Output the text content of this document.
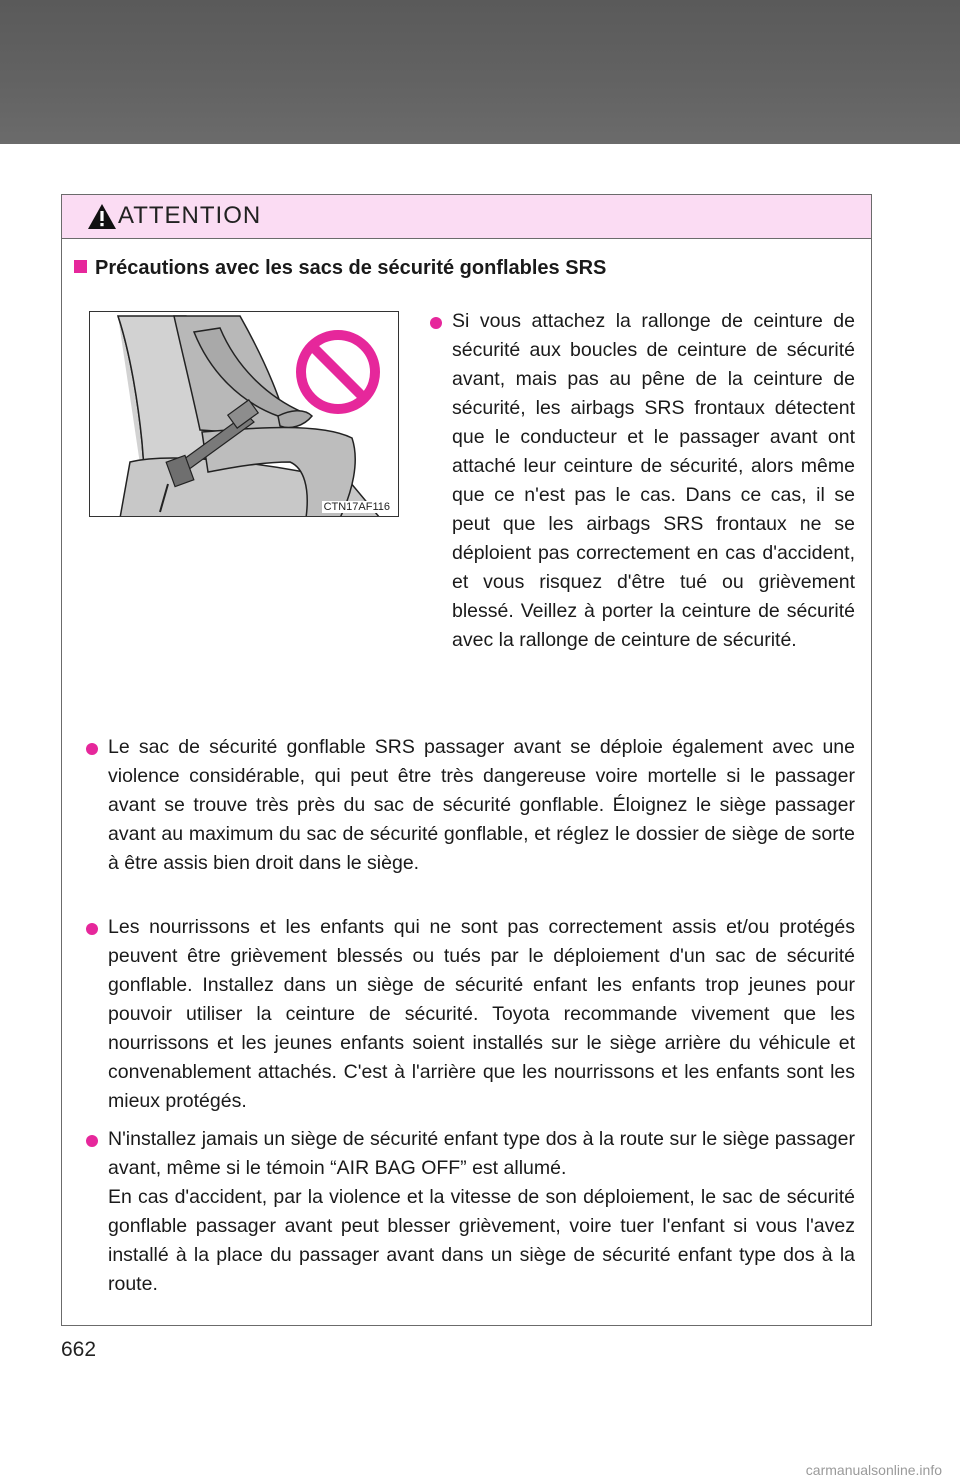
ATTENTION
Précautions avec les sacs de sécurité gonflables SRS
CTN17AF116
Si vous attachez la rallonge de ceinture de sécurité aux boucles de ceinture de sécurité avant, mais pas au pêne de la ceinture de sécurité, les airbags SRS frontaux détectent que le conducteur et le passager avant ont attaché leur ceinture de sécurité, alors même que ce n'est pas le cas. Dans ce cas, il se peut que les airbags SRS frontaux ne se déploient pas correctement en cas d'accident, et vous risquez d'être tué ou grièvement blessé. Veillez à porter la ceinture de sécurité avec la rallonge de ceinture de sécurité.
Le sac de sécurité gonflable SRS passager avant se déploie également avec une violence considérable, qui peut être très dangereuse voire mortelle si le passager avant se trouve très près du sac de sécurité gonflable. Éloignez le siège passager avant au maximum du sac de sécurité gonflable, et réglez le dossier de siège de sorte à être assis bien droit dans le siège.
Les nourrissons et les enfants qui ne sont pas correctement assis et/ou protégés peuvent être grièvement blessés ou tués par le déploiement d'un sac de sécurité gonflable. Installez dans un siège de sécurité enfant les enfants trop jeunes pour pouvoir utiliser la ceinture de sécurité. Toyota recommande vivement que les nourrissons et les jeunes enfants soient installés sur le siège arrière du véhicule et convenablement attachés. C'est à l'arrière que les nourrissons et les enfants sont les mieux protégés.
N'installez jamais un siège de sécurité enfant type dos à la route sur le siège passager avant, même si le témoin “AIR BAG OFF” est allumé.
En cas d'accident, par la violence et la vitesse de son déploiement, le sac de sécurité gonflable passager avant peut blesser grièvement, voire tuer l'enfant si vous l'avez installé à la place du passager avant dans un siège de sécurité enfant type dos à la route.
662
carmanualsonline.info
